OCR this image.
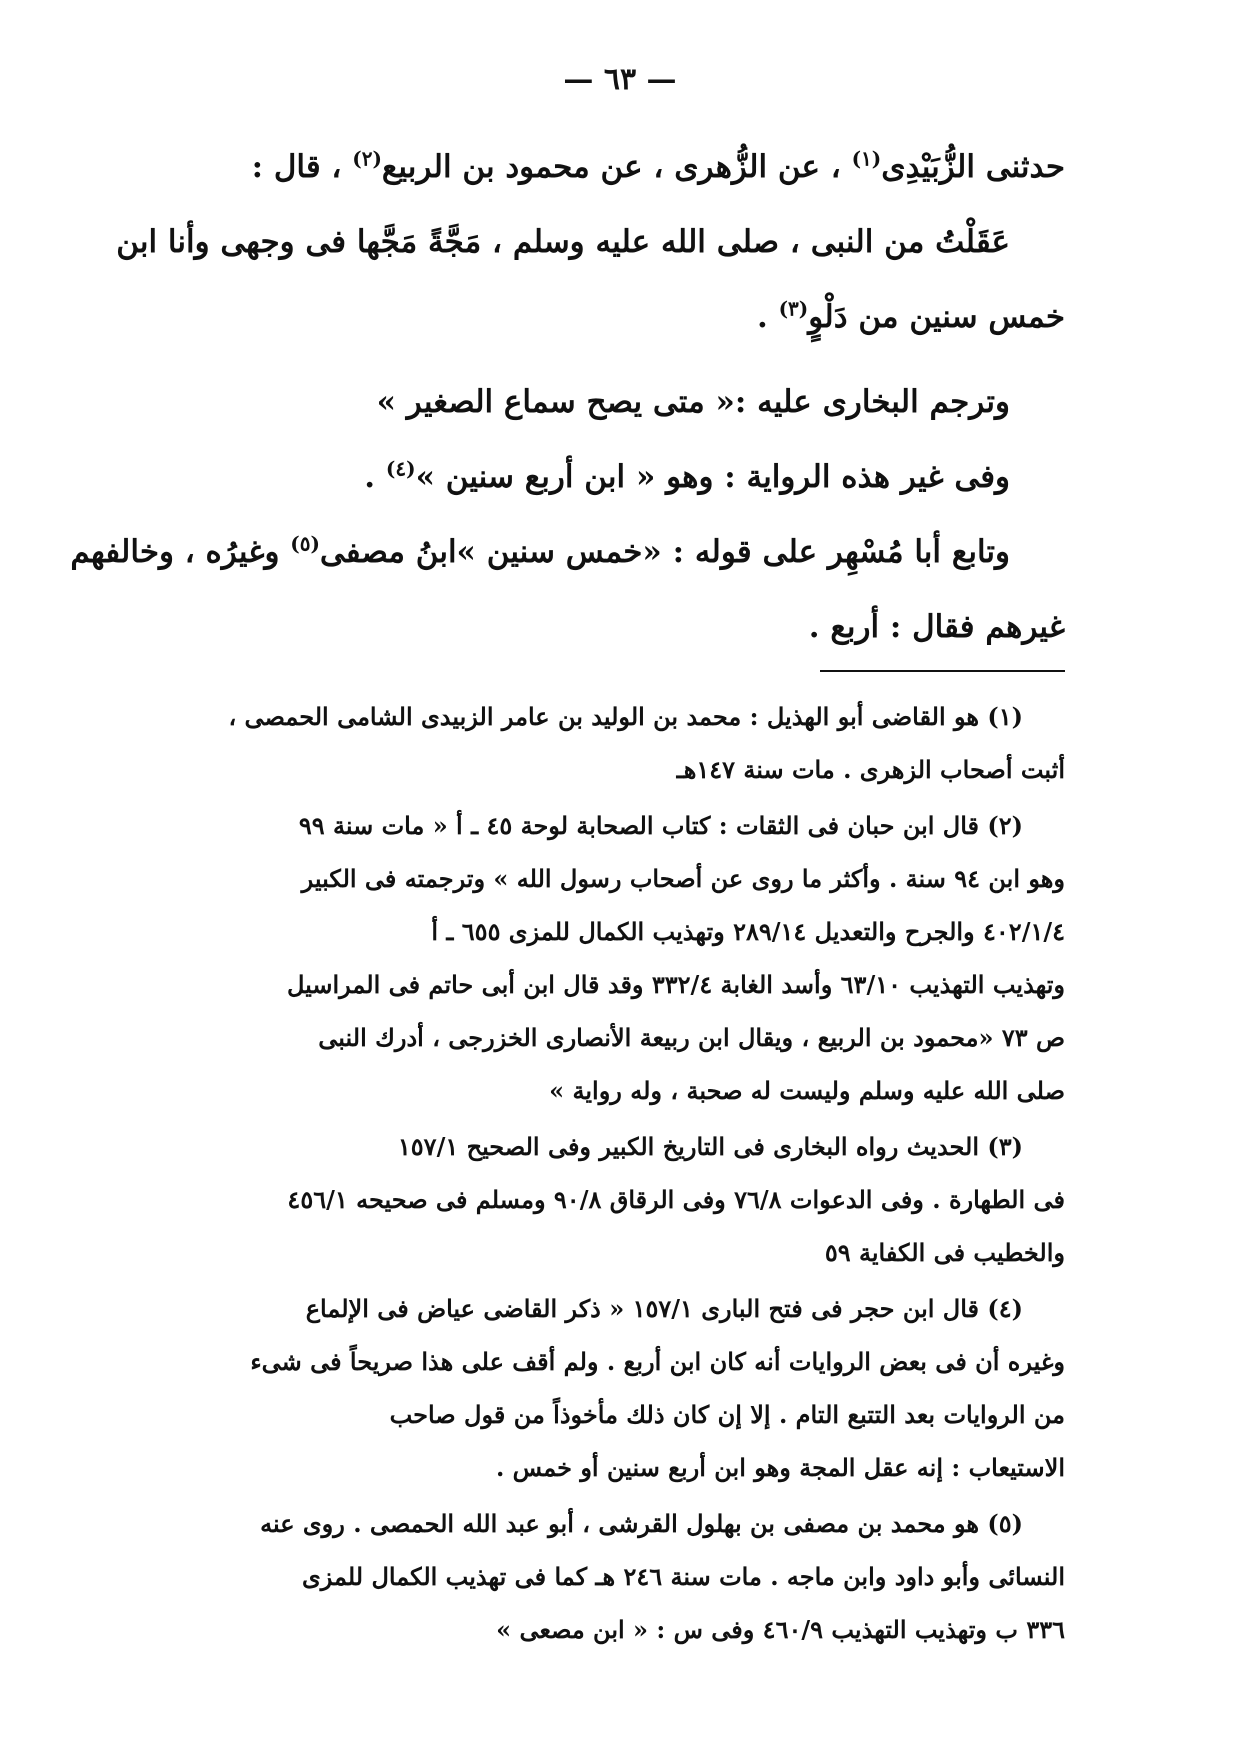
— ٦٣ —
حدثنى الزُّبَيْدِى$^{(١)}$ ، عن الزُّهرى ، عن محمود بن الربيع$^{(٢)}$ ، قال :
عَقَلْتُ من النبى ، صلى الله عليه وسلم ، مَجَّةً مَجَّها فى وجهى وأنا ابن
خمس سنين من دَلْوٍ$^{(٣)}$ .
وترجم البخارى عليه :« متى يصح سماع الصغير »
وفى غير هذه الرواية : وهو « ابن أربع سنين »$^{(٤)}$ .
وتابع أبا مُسْهِر على قوله : «خمس سنين »ابنُ مصفى$^{(٥)}$ وغيرُه ، وخالفهم
غيرهم فقال : أربع .
(١) هو القاضى أبو الهذيل : محمد بن الوليد بن عامر الزبيدى الشامى الحمصى ،
أثبت أصحاب الزهرى . مات سنة ١٤٧هـ
(٢) قال ابن حبان فى الثقات : كتاب الصحابة لوحة ٤٥ ـ أ « مات سنة ٩٩
وهو ابن ٩٤ سنة . وأكثر ما روى عن أصحاب رسول الله » وترجمته فى الكبير
٤٠٢/١/٤ والجرح والتعديل ٢٨٩/١٤ وتهذيب الكمال للمزى ٦٥٥ ـ أ
وتهذيب التهذيب ٦٣/١٠ وأسد الغابة ٣٣٢/٤ وقد قال ابن أبى حاتم فى المراسيل
ص ٧٣ «محمود بن الربيع ، ويقال ابن ربيعة الأنصارى الخزرجى ، أدرك النبى
صلى الله عليه وسلم وليست له صحبة ، وله رواية »
(٣) الحديث رواه البخارى فى التاريخ الكبير وفى الصحيح ١٥٧/١
فى الطهارة . وفى الدعوات ٧٦/٨ وفى الرقاق ٩٠/٨ ومسلم فى صحيحه ٤٥٦/١
والخطيب فى الكفاية ٥٩
(٤) قال ابن حجر فى فتح البارى ١٥٧/١ « ذكر القاضى عياض فى الإلماع
وغيره أن فى بعض الروايات أنه كان ابن أربع . ولم أقف على هذا صريحاً فى شىء
من الروايات بعد التتبع التام . إلا إن كان ذلك مأخوذاً من قول صاحب
الاستيعاب : إنه عقل المجة وهو ابن أربع سنين أو خمس .
(٥) هو محمد بن مصفى بن بهلول القرشى ، أبو عبد الله الحمصى . روى عنه
النسائى وأبو داود وابن ماجه . مات سنة ٢٤٦ هـ كما فى تهذيب الكمال للمزى
٣٣٦ ب وتهذيب التهذيب ٤٦٠/٩ وفى س : « ابن مصعى »
